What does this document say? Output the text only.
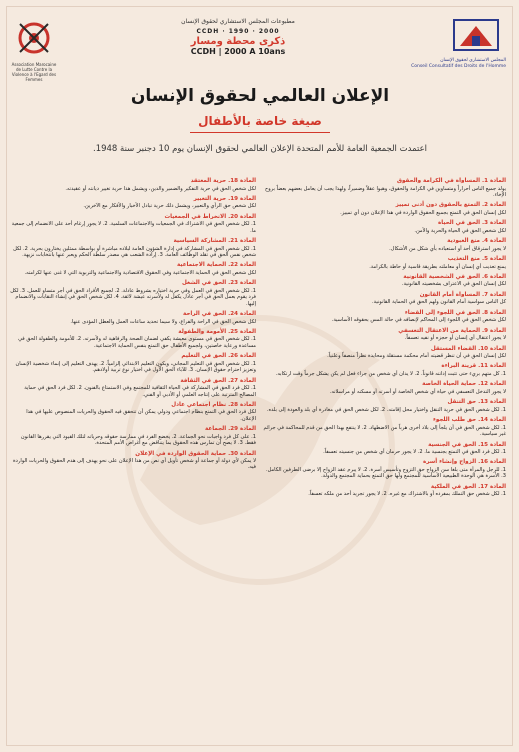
Association Marocaine de Lutte Contre la Violence à l'Egard des Femmes
مطبوعات المجلس الاستشاري لحقوق الإنسان
CCDH · 1990 · 2000
ذكرى محطة ومسار
CCDH | 2000 A 10ans
المجلس الاستشاري لحقوق الإنسان
Conseil Consultatif des Droits de l'Homme
الإعلان العالمي لحقوق الإنسان
صيغة خاصة بالأطفال
اعتمدت الجمعية العامة للأمم المتحدة الإعلان العالمي لحقوق الإنسان يوم 10 دجنبر سنة 1948.
المادة 1. المساواة في الكرامة والحقوق
يولد جميع الناس أحراراً ومتساوين في الكرامة والحقوق، وهبوا عقلاً وضميراً، ولهذا يجب أن يعامل بعضهم بعضاً بروح الإخاء.
المادة 2. التمتع بالحقوق دون أدنى تمييز
لكل إنسان الحق في التمتع بجميع الحقوق الواردة في هذا الإعلان دون أي تمييز.
المادة 3. الحق في الحياة
لكل شخص الحق في الحياة والحرية والأمن.
المادة 4. منع العبودية
لا يجوز استرقاق أحد أو استعباده بأي شكل من الأشكال.
المادة 5. منع التعذيب
يمنع تعذيب أي إنسان أو معاملته بطريقة قاسية أو حاطة بالكرامة.
المادة 6. الحق في الشخصية القانونية
لكل إنسان الحق في الاعتراف بشخصيته القانونية.
المادة 7. المساواة أمام القانون
كل الناس سواسية أمام القانون ولهم الحق في الحماية القانونية.
المادة 8. الحق في اللجوء إلى القضاء
لكل شخص الحق في اللجوء إلى المحاكم لإنصافه في حالة المس بحقوقه الأساسية.
المادة 9. الحماية من الاعتقال التعسفي
لا يجوز اعتقال أي إنسان أو حجزه أو نفيه تعسفاً.
المادة 10. القضاء المستقل
لكل إنسان الحق في أن تنظر قضيته أمام محكمة مستقلة ومحايدة نظراً منصفاً وعلنياً.
المادة 11. قرينة البراءة
1. كل متهم بريء حتى تثبت إدانته قانوناً. 2. لا يدان أي شخص من جراء فعل لم يكن يشكل جرماً وقت ارتكابه.
المادة 12. حماية الحياة الخاصة
لا يجوز التدخل التعسفي في حياة أي شخص الخاصة أو أسرته أو مسكنه أو مراسلاته.
المادة 13. حق التنقل
1. لكل شخص الحق في حرية التنقل واختيار محل إقامته. 2. لكل شخص الحق في مغادرة أي بلد والعودة إلى بلده.
المادة 14. حق طلب اللجوء
1. لكل شخص الحق في أن يلجأ إلى بلاد أخرى هرباً من الاضطهاد. 2. لا ينتفع بهذا الحق من قدم للمحاكمة في جرائم غير سياسية.
المادة 15. الحق في الجنسية
1. لكل فرد الحق في التمتع بجنسية ما. 2. لا يجوز حرمان أي شخص من جنسيته تعسفاً.
المادة 16. الزواج وإنشاء أسرة
1. للرجل والمرأة متى بلغا سن الزواج حق التزوج وتأسيس أسرة. 2. لا يبرم عقد الزواج إلا برضى الطرفين الكامل. 3. الأسرة هي الوحدة الطبيعية الأساسية للمجتمع ولها حق التمتع بحماية المجتمع والدولة.
المادة 17. الحق في الملكية
1. لكل شخص حق التملك بمفرده أو بالاشتراك مع غيره. 2. لا يجوز تجريد أحد من ملكه تعسفاً.
المادة 18. حرية المعتقد
لكل شخص الحق في حرية التفكير والضمير والدين، ويشمل هذا حرية تغيير ديانته أو عقيدته.
المادة 19. حرية التعبير
لكل شخص حق الرأي والتعبير، ويشمل ذلك حرية تبادل الأخبار والأفكار مع الآخرين.
المادة 20. الانخراط في الجمعيات
1. لكل شخص الحق في الاشتراك في الجمعيات والاجتماعات السلمية. 2. لا يجوز إرغام أحد على الانضمام إلى جمعية ما.
المادة 21. المشاركة السياسية
1. لكل شخص الحق في المشاركة في إدارة الشؤون العامة لبلاده مباشرة أو بواسطة ممثلين يختارون بحرية. 2. لكل شخص نفس الحق في تقلد الوظائف العامة. 3. إرادة الشعب هي مصدر سلطة الحكم ويعبر عنها بانتخابات نزيهة.
المادة 22. الحماية الاجتماعية
لكل شخص الحق في الحماية الاجتماعية وفي الحقوق الاقتصادية والاجتماعية والتربوية التي لا غنى عنها لكرامته.
المادة 23. الحق في الشغل
1. لكل شخص الحق في العمل وفي حرية اختياره بشروط عادلة. 2. لجميع الأفراد الحق في أجر متساو للعمل. 3. لكل فرد يقوم بعمل الحق في أجر عادل يكفل له ولأسرته عيشة لائقة. 4. لكل شخص الحق في إنشاء النقابات والانضمام إليها.
المادة 24. الحق في الراحة
لكل شخص الحق في الراحة والفراغ، ولا سيما تحديد ساعات العمل والعطل المؤدى عنها.
المادة 25. الأمومة والطفولة
1. لكل شخص الحق في مستوى معيشة يكفي لضمان الصحة والرفاهية له ولأسرته. 2. للأمومة والطفولة الحق في مساعدة ورعاية خاصتين، ولجميع الأطفال حق التمتع بنفس الحماية الاجتماعية.
المادة 26. الحق في التعليم
1. لكل شخص الحق في التعليم المجاني، ويكون التعليم الابتدائي إلزامياً. 2. يهدف التعليم إلى إنماء شخصية الإنسان وتعزيز احترام حقوق الإنسان. 3. للآباء الحق الأول في اختيار نوع تربية أولادهم.
المادة 27. الحق في الثقافة
1. لكل فرد الحق في المشاركة في الحياة الثقافية للمجتمع وفي الاستمتاع بالفنون. 2. لكل فرد الحق في حماية المصالح المترتبة على إنتاجه العلمي أو الأدبي أو الفني.
المادة 28. نظام اجتماعي عادل
لكل فرد الحق في التمتع بنظام اجتماعي ودولي يمكن أن تتحقق فيه الحقوق والحريات المنصوص عليها في هذا الإعلان.
المادة 29. الجماعة
1. على كل فرد واجبات نحو الجماعة. 2. يخضع الفرد في ممارسة حقوقه وحرياته لتلك القيود التي يقررها القانون فقط. 3. لا يصح أن تمارس هذه الحقوق بما يتناقض مع أغراض الأمم المتحدة.
المادة 30. حماية الحقوق الواردة في الإعلان
لا يمكن لأي دولة أو جماعة أو شخص تأويل أي نص من هذا الإعلان على نحو يهدف إلى هدم الحقوق والحريات الواردة فيه.
